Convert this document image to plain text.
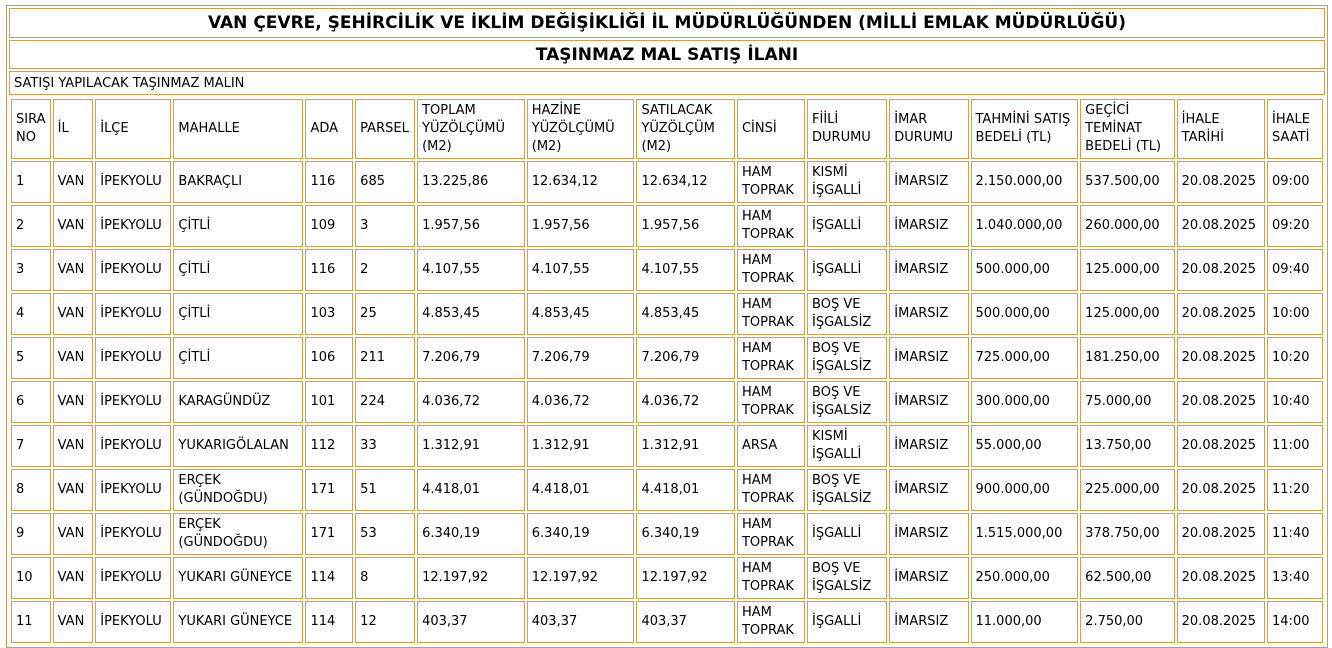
VAN ÇEVRE, ŞEHİRCİLİK VE İKLİM DEĞİŞİKLİĞİ İL MÜDÜRLÜĞÜNDEN (MİLLİ EMLAK MÜDÜRLÜĞÜ)
TAŞINMAZ MAL SATIŞ İLANI
SATIŞI YAPILACAK TAŞINMAZ MALIN

SIRA NO	İL	İLÇE	MAHALLE	ADA	PARSEL	TOPLAM YÜZÖLÇÜMÜ (M2)	HAZİNE YÜZÖLÇÜMÜ (M2)	SATILACAK YÜZÖLÇÜM (M2)	CİNSİ	FİİLİ DURUMU	İMAR DURUMU	TAHMİNİ SATIŞ BEDELİ (TL)	GEÇİCİ TEMİNAT BEDELİ (TL)	İHALE TARİHİ	İHALE SAATİ
1	VAN	İPEKYOLU	BAKRAÇLI	116	685	13.225,86	12.634,12	12.634,12	HAM TOPRAK	KISMİ İŞGALLİ	İMARSIZ	2.150.000,00	537.500,00	20.08.2025	09:00
2	VAN	İPEKYOLU	ÇİTLİ	109	3	1.957,56	1.957,56	1.957,56	HAM TOPRAK	İŞGALLİ	İMARSIZ	1.040.000,00	260.000,00	20.08.2025	09:20
3	VAN	İPEKYOLU	ÇİTLİ	116	2	4.107,55	4.107,55	4.107,55	HAM TOPRAK	İŞGALLİ	İMARSIZ	500.000,00	125.000,00	20.08.2025	09:40
4	VAN	İPEKYOLU	ÇİTLİ	103	25	4.853,45	4.853,45	4.853,45	HAM TOPRAK	BOŞ VE İŞGALSİZ	İMARSIZ	500.000,00	125.000,00	20.08.2025	10:00
5	VAN	İPEKYOLU	ÇİTLİ	106	211	7.206,79	7.206,79	7.206,79	HAM TOPRAK	BOŞ VE İŞGALSİZ	İMARSIZ	725.000,00	181.250,00	20.08.2025	10:20
6	VAN	İPEKYOLU	KARAGÜNDÜZ	101	224	4.036,72	4.036,72	4.036,72	HAM TOPRAK	BOŞ VE İŞGALSİZ	İMARSIZ	300.000,00	75.000,00	20.08.2025	10:40
7	VAN	İPEKYOLU	YUKARIGÖLALAN	112	33	1.312,91	1.312,91	1.312,91	ARSA	KISMİ İŞGALLİ	İMARSIZ	55.000,00	13.750,00	20.08.2025	11:00
8	VAN	İPEKYOLU	ERÇEK (GÜNDOĞDU)	171	51	4.418,01	4.418,01	4.418,01	HAM TOPRAK	BOŞ VE İŞGALSİZ	İMARSIZ	900.000,00	225.000,00	20.08.2025	11:20
9	VAN	İPEKYOLU	ERÇEK (GÜNDOĞDU)	171	53	6.340,19	6.340,19	6.340,19	HAM TOPRAK	İŞGALLİ	İMARSIZ	1.515.000,00	378.750,00	20.08.2025	11:40
10	VAN	İPEKYOLU	YUKARI GÜNEYCE	114	8	12.197,92	12.197,92	12.197,92	HAM TOPRAK	BOŞ VE İŞGALSİZ	İMARSIZ	250.000,00	62.500,00	20.08.2025	13:40
11	VAN	İPEKYOLU	YUKARI GÜNEYCE	114	12	403,37	403,37	403,37	HAM TOPRAK	İŞGALLİ	İMARSIZ	11.000,00	2.750,00	20.08.2025	14:00
